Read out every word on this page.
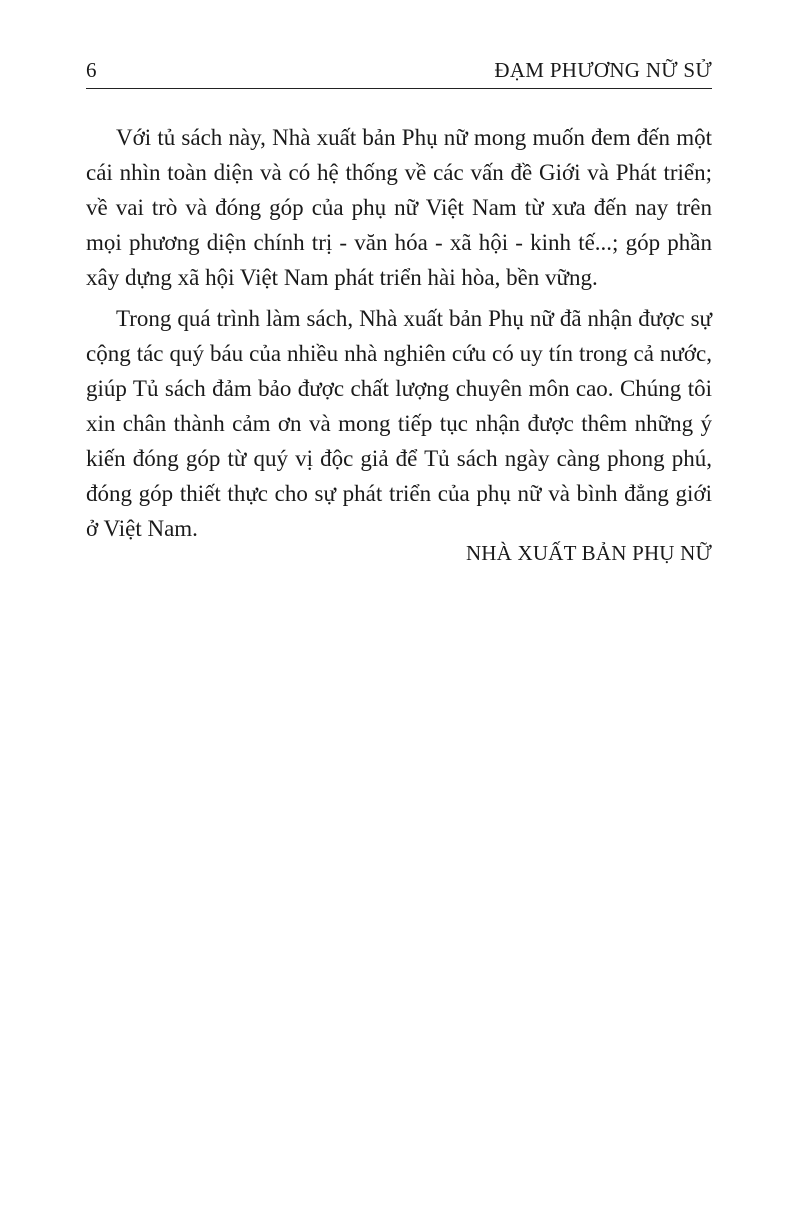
6	ĐẠM PHƯƠNG NỮ SỬ
Với tủ sách này, Nhà xuất bản Phụ nữ mong muốn đem đến một
cái nhìn toàn diện và có hệ thống về các vấn đề Giới và Phát triển;
về vai trò và đóng góp của phụ nữ Việt Nam từ xưa đến nay trên
mọi phương diện chính trị - văn hóa - xã hội - kinh tế...; góp phần
xây dựng xã hội Việt Nam phát triển hài hòa, bền vững.
Trong quá trình làm sách, Nhà xuất bản Phụ nữ đã nhận được sự
cộng tác quý báu của nhiều nhà nghiên cứu có uy tín trong cả nước,
giúp Tủ sách đảm bảo được chất lượng chuyên môn cao. Chúng tôi
xin chân thành cảm ơn và mong tiếp tục nhận được thêm những ý
kiến đóng góp từ quý vị độc giả để Tủ sách ngày càng phong phú,
đóng góp thiết thực cho sự phát triển của phụ nữ và bình đẳng giới
ở Việt Nam.
NHÀ XUẤT BẢN PHỤ NỮ
